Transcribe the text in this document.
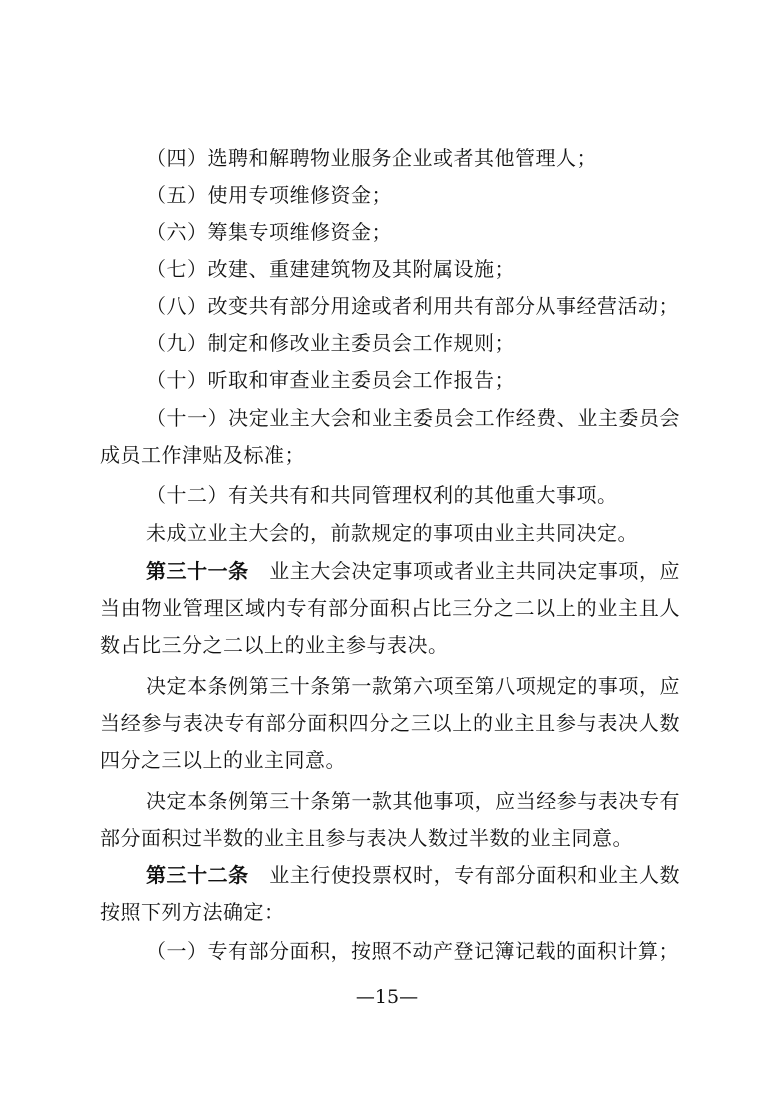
（四）选聘和解聘物业服务企业或者其他管理人；

（五）使用专项维修资金；

（六）筹集专项维修资金；

（七）改建、重建建筑物及其附属设施；

（八）改变共有部分用途或者利用共有部分从事经营活动；

（九）制定和修改业主委员会工作规则；

（十）听取和审查业主委员会工作报告；

（十一）决定业主大会和业主委员会工作经费、业主委员会成员工作津贴及标准；

（十二）有关共有和共同管理权利的其他重大事项。

未成立业主大会的，前款规定的事项由业主共同决定。

第三十一条  业主大会决定事项或者业主共同决定事项，应当由物业管理区域内专有部分面积占比三分之二以上的业主且人数占比三分之二以上的业主参与表决。

决定本条例第三十条第一款第六项至第八项规定的事项，应当经参与表决专有部分面积四分之三以上的业主且参与表决人数四分之三以上的业主同意。

决定本条例第三十条第一款其他事项，应当经参与表决专有部分面积过半数的业主且参与表决人数过半数的业主同意。

第三十二条  业主行使投票权时，专有部分面积和业主人数按照下列方法确定：

（一）专有部分面积，按照不动产登记簿记载的面积计算；

—15—
